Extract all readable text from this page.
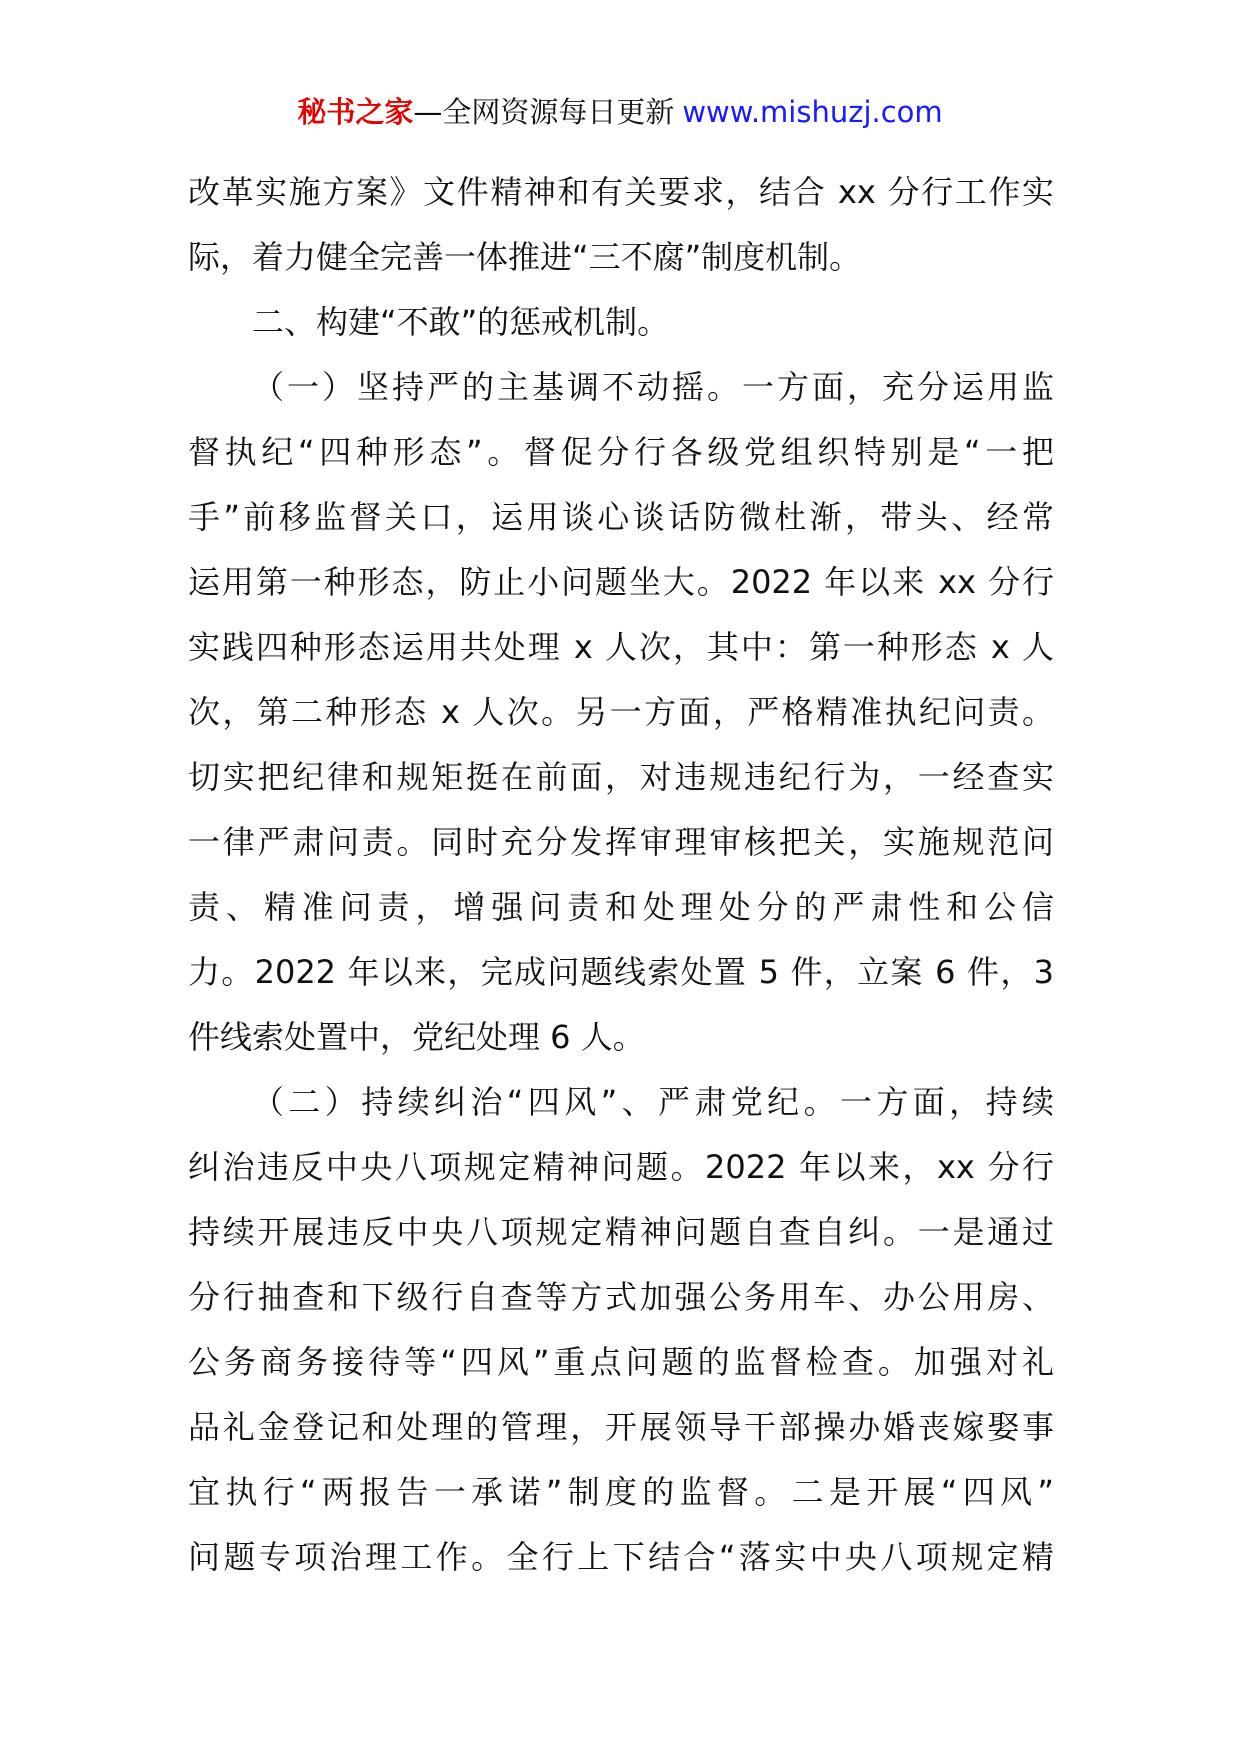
秘书之家—全网资源每日更新 www.mishuzj.com
改革实施方案》文件精神和有关要求，结合 xx 分行工作实
际，着力健全完善一体推进“三不腐”制度机制。
二、构建“不敢”的惩戒机制。
（一）坚持严的主基调不动摇。一方面，充分运用监
督执纪“四种形态”。督促分行各级党组织特别是“一把
手”前移监督关口，运用谈心谈话防微杜渐，带头、经常
运用第一种形态，防止小问题坐大。2022 年以来 xx 分行
实践四种形态运用共处理 x 人次，其中：第一种形态 x 人
次，第二种形态 x 人次。另一方面，严格精准执纪问责。
切实把纪律和规矩挺在前面，对违规违纪行为，一经查实
一律严肃问责。同时充分发挥审理审核把关，实施规范问
责、精准问责，增强问责和处理处分的严肃性和公信
力。2022 年以来，完成问题线索处置 5 件，立案 6 件，3
件线索处置中，党纪处理 6 人。
（二）持续纠治“四风”、严肃党纪。一方面，持续
纠治违反中央八项规定精神问题。2022 年以来，xx 分行
持续开展违反中央八项规定精神问题自查自纠。一是通过
分行抽查和下级行自查等方式加强公务用车、办公用房、
公务商务接待等“四风”重点问题的监督检查。加强对礼
品礼金登记和处理的管理，开展领导干部操办婚丧嫁娶事
宜执行“两报告一承诺”制度的监督。二是开展“四风”
问题专项治理工作。全行上下结合“落实中央八项规定精
